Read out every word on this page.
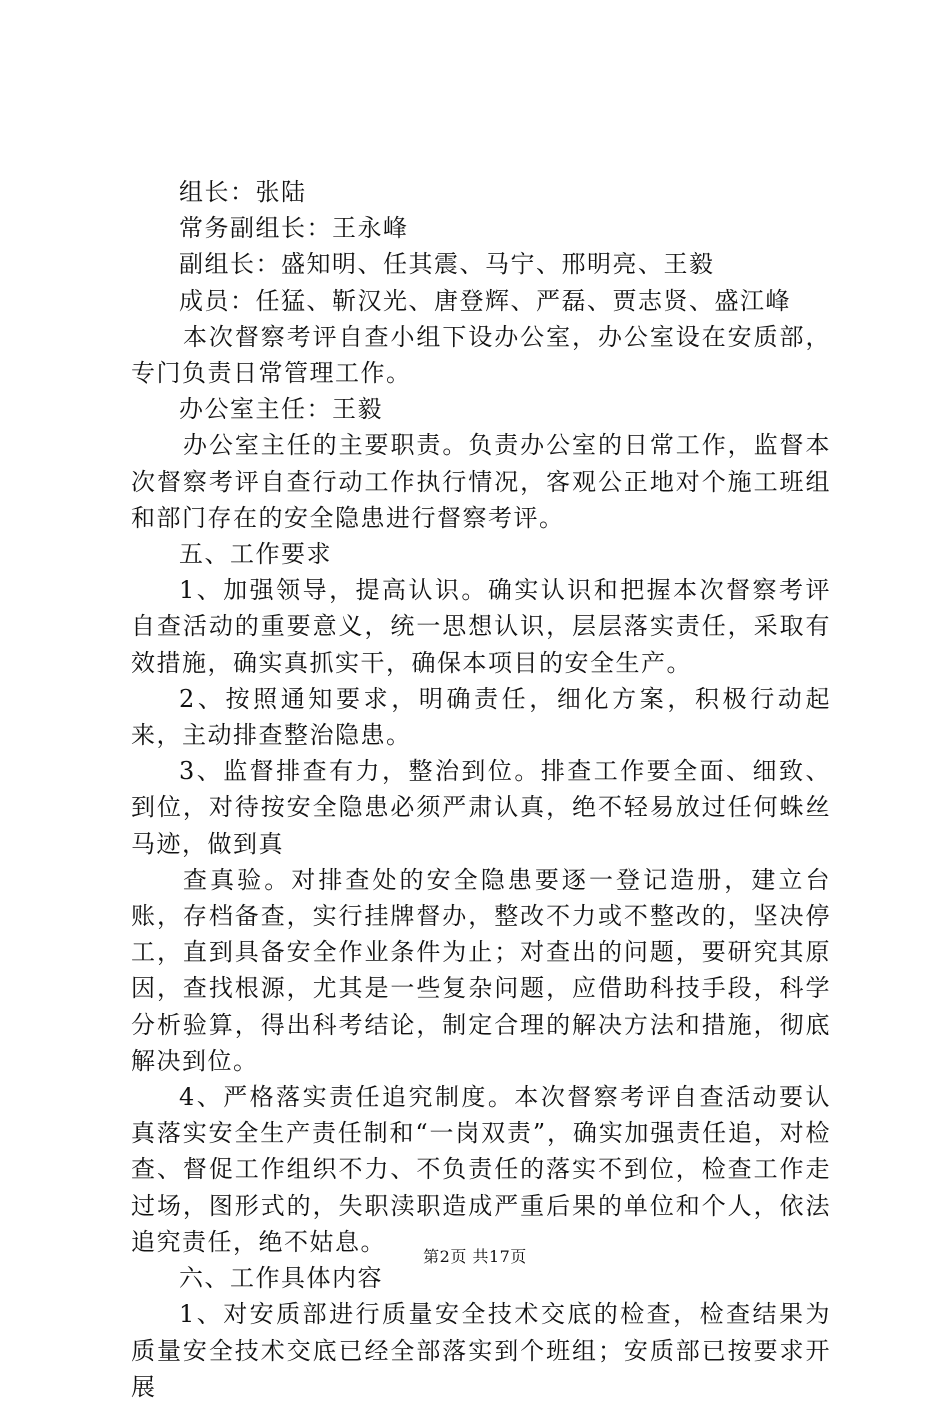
组长：张陆

常务副组长：王永峰

副组长：盛知明、任其震、马宁、邢明亮、王毅

成员：任猛、靳汉光、唐登辉、严磊、贾志贤、盛江峰

本次督察考评自查小组下设办公室，办公室设在安质部，专门负责日常管理工作。

办公室主任：王毅

办公室主任的主要职责。负责办公室的日常工作，监督本次督察考评自查行动工作执行情况，客观公正地对个施工班组和部门存在的安全隐患进行督察考评。

五、工作要求

1、加强领导，提高认识。确实认识和把握本次督察考评自查活动的重要意义，统一思想认识，层层落实责任，采取有效措施，确实真抓实干，确保本项目的安全生产。

2、按照通知要求，明确责任，细化方案，积极行动起来，主动排查整治隐患。

3、监督排查有力，整治到位。排查工作要全面、细致、到位，对待按安全隐患必须严肃认真，绝不轻易放过任何蛛丝马迹，做到真

查真验。对排查处的安全隐患要逐一登记造册，建立台账，存档备查，实行挂牌督办，整改不力或不整改的，坚决停工，直到具备安全作业条件为止；对查出的问题，要研究其原因，查找根源，尤其是一些复杂问题，应借助科技手段，科学分析验算，得出科考结论，制定合理的解决方法和措施，彻底解决到位。

4、严格落实责任追究制度。本次督察考评自查活动要认真落实安全生产责任制和“一岗双责”，确实加强责任追，对检查、督促工作组织不力、不负责任的落实不到位，检查工作走过场，图形式的，失职渎职造成严重后果的单位和个人，依法追究责任，绝不姑息。

六、工作具体内容

1、对安质部进行质量安全技术交底的检查，检查结果为质量安全技术交底已经全部落实到个班组；安质部已按要求开展

第2页 共17页
